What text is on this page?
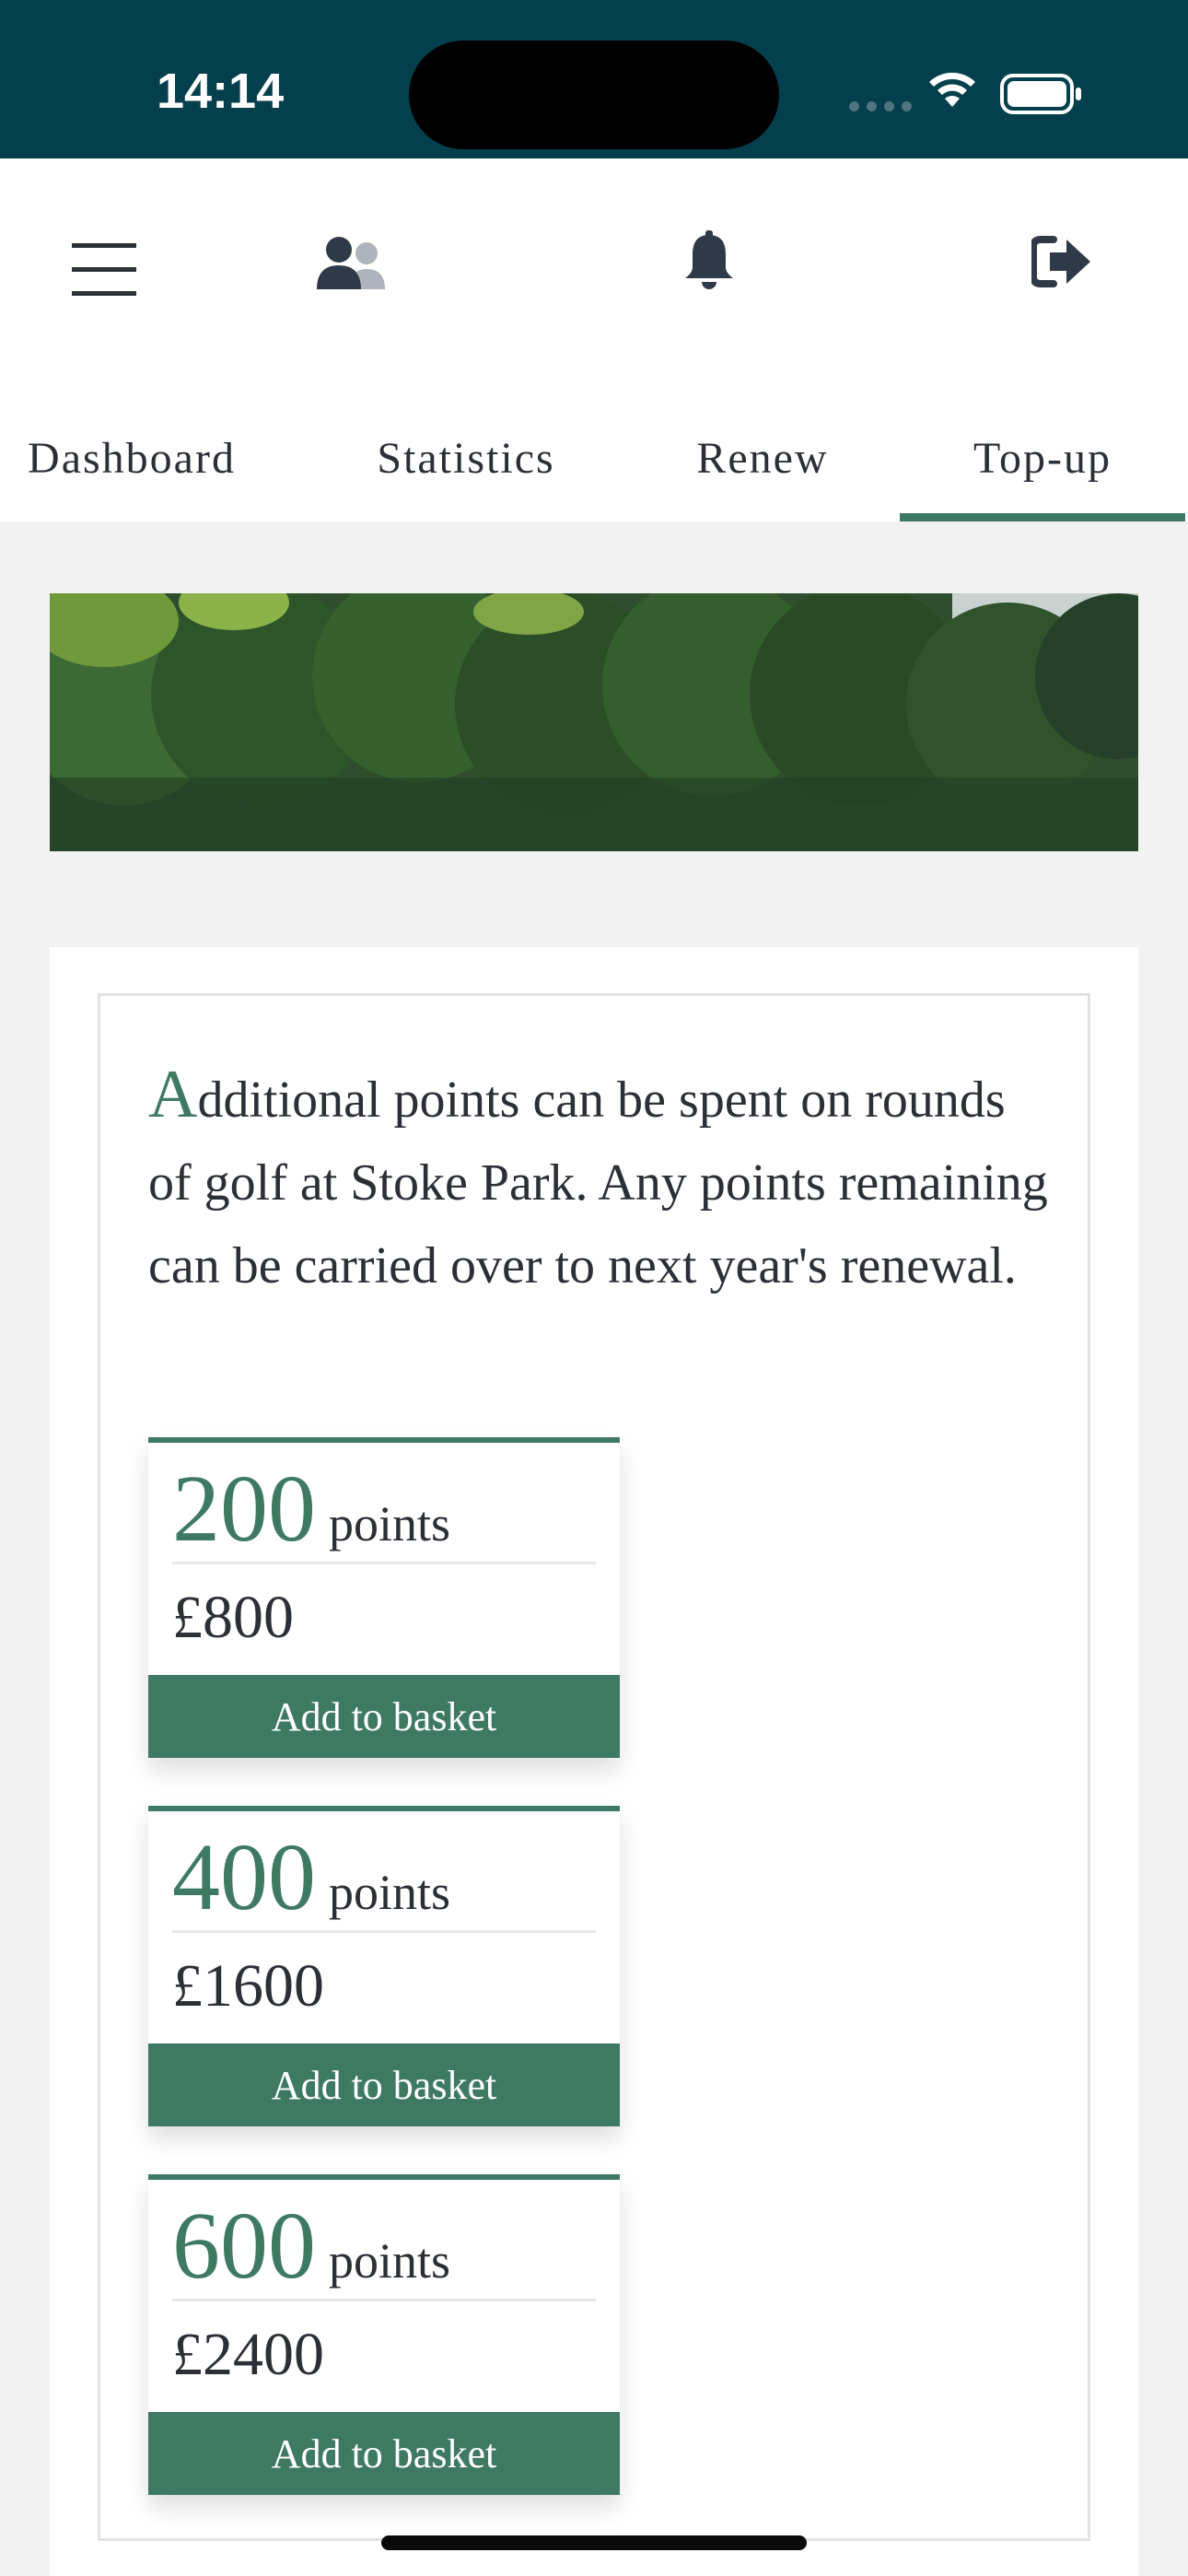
14:14
Dashboard	Statistics	Renew	Top-up

Additional points can be spent on rounds of golf at Stoke Park. Any points remaining can be carried over to next year's renewal.

200 points
£800
Add to basket
400 points
£1600
Add to basket
600 points
£2400
Add to basket
